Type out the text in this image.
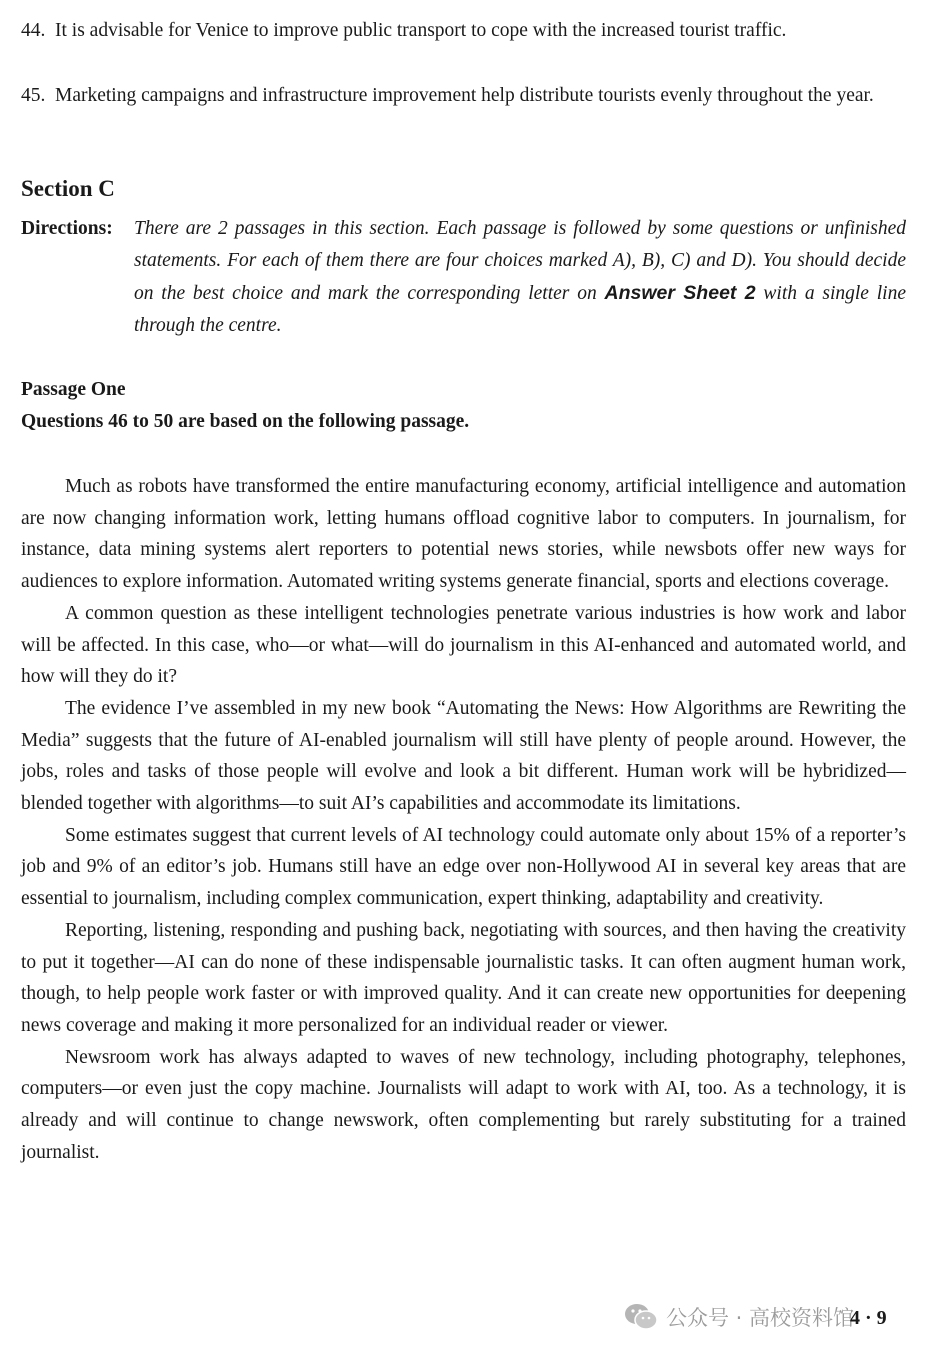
44. It is advisable for Venice to improve public transport to cope with the increased tourist traffic.
45. Marketing campaigns and infrastructure improvement help distribute tourists evenly throughout the year.
Section C
Directions: There are 2 passages in this section. Each passage is followed by some questions or unfinished statements. For each of them there are four choices marked A), B), C) and D). You should decide on the best choice and mark the corresponding letter on Answer Sheet 2 with a single line through the centre.
Passage One
Questions 46 to 50 are based on the following passage.

Much as robots have transformed the entire manufacturing economy, artificial intelligence and automation are now changing information work, letting humans offload cognitive labor to computers. In journalism, for instance, data mining systems alert reporters to potential news stories, while newsbots offer new ways for audiences to explore information. Automated writing systems generate financial, sports and elections coverage.

A common question as these intelligent technologies penetrate various industries is how work and labor will be affected. In this case, who—or what—will do journalism in this AI-enhanced and automated world, and how will they do it?

The evidence I’ve assembled in my new book “Automating the News: How Algorithms are Rewriting the Media” suggests that the future of AI-enabled journalism will still have plenty of people around. However, the jobs, roles and tasks of those people will evolve and look a bit different. Human work will be hybridized—blended together with algorithms—to suit AI’s capabilities and accommodate its limitations.

Some estimates suggest that current levels of AI technology could automate only about 15% of a reporter’s job and 9% of an editor’s job. Humans still have an edge over non-Hollywood AI in several key areas that are essential to journalism, including complex communication, expert thinking, adaptability and creativity.

Reporting, listening, responding and pushing back, negotiating with sources, and then having the creativity to put it together—AI can do none of these indispensable journalistic tasks. It can often augment human work, though, to help people work faster or with improved quality. And it can create new opportunities for deepening news coverage and making it more personalized for an individual reader or viewer.

Newsroom work has always adapted to waves of new technology, including photography, telephones, computers—or even just the copy machine. Journalists will adapt to work with AI, too. As a technology, it is already and will continue to change newswork, often complementing but rarely substituting for a trained journalist.

公众号 · 高校资料馆
4 · 9
